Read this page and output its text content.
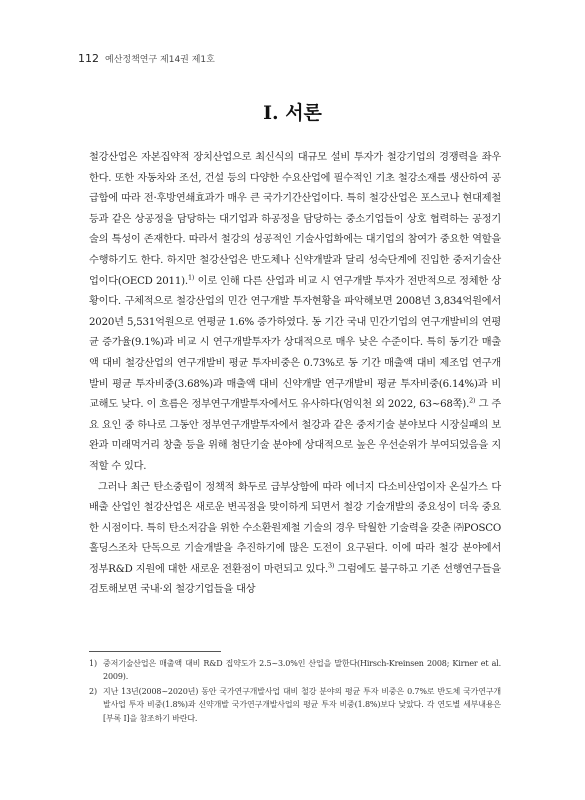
112 예산정책연구 제14권 제1호
I. 서론

철강산업은 자본집약적 장치산업으로 최신식의 대규모 설비 투자가 철강기업의 경쟁력을 좌우한다. 또한 자동차와 조선, 건설 등의 다양한 수요산업에 필수적인 기초 철강소재를 생산하여 공급함에 따라 전·후방연쇄효과가 매우 큰 국가기간산업이다. 특히 철강산업은 포스코나 현대제철 등과 같은 상공정을 담당하는 대기업과 하공정을 담당하는 중소기업들이 상호 협력하는 공정기술의 특성이 존재한다. 따라서 철강의 성공적인 기술사업화에는 대기업의 참여가 중요한 역할을 수행하기도 한다. 하지만 철강산업은 반도체나 신약개발과 달리 성숙단계에 진입한 중저기술산업이다(OECD 2011).$^{1)}$ 이로 인해 다른 산업과 비교 시 연구개발 투자가 전반적으로 정체한 상황이다. 구체적으로 철강산업의 민간 연구개발 투자현황을 파악해보면 2008년 3,834억원에서 2020년 5,531억원으로 연평균 1.6% 증가하였다. 동 기간 국내 민간기업의 연구개발비의 연평균 증가율(9.1%)과 비교 시 연구개발투자가 상대적으로 매우 낮은 수준이다. 특히 동기간 매출액 대비 철강산업의 연구개발비 평균 투자비중은 0.73%로 동 기간 매출액 대비 제조업 연구개발비 평균 투자비중(3.68%)과 매출액 대비 신약개발 연구개발비 평균 투자비중(6.14%)과 비교해도 낮다. 이 흐름은 정부연구개발투자에서도 유사하다(엄익천 외 2022, 63~68쪽).$^{2)}$ 그 주요 요인 중 하나로 그동안 정부연구개발투자에서 철강과 같은 중저기술 분야보다 시장실패의 보완과 미래먹거리 창출 등을 위해 첨단기술 분야에 상대적으로 높은 우선순위가 부여되었음을 지적할 수 있다.

그러나 최근 탄소중립이 정책적 화두로 급부상함에 따라 에너지 다소비산업이자 온실가스 다배출 산업인 철강산업은 새로운 변곡점을 맞이하게 되면서 철강 기술개발의 중요성이 더욱 중요한 시점이다. 특히 탄소저감을 위한 수소환원제철 기술의 경우 탁월한 기술력을 갖춘 ㈜POSCO홀딩스조차 단독으로 기술개발을 추진하기에 많은 도전이 요구된다. 이에 따라 철강 분야에서 정부R&D 지원에 대한 새로운 전환점이 마련되고 있다.$^{3)}$ 그럼에도 불구하고 기존 선행연구들을 검토해보면 국내·외 철강기업들을 대상

1) 중저기술산업은 매출액 대비 R&D 집약도가 2.5~3.0%인 산업을 말한다(Hirsch-Kreinsen 2008; Kirner et al. 2009).
2) 지난 13년(2008~2020년) 동안 국가연구개발사업 대비 철강 분야의 평균 투자 비중은 0.7%로 반도체 국가연구개발사업 투자 비중(1.8%)과 신약개발 국가연구개발사업의 평균 투자 비중(1.8%)보다 낮았다. 각 연도별 세부내용은 [부록 Ⅰ]을 참조하기 바란다.
